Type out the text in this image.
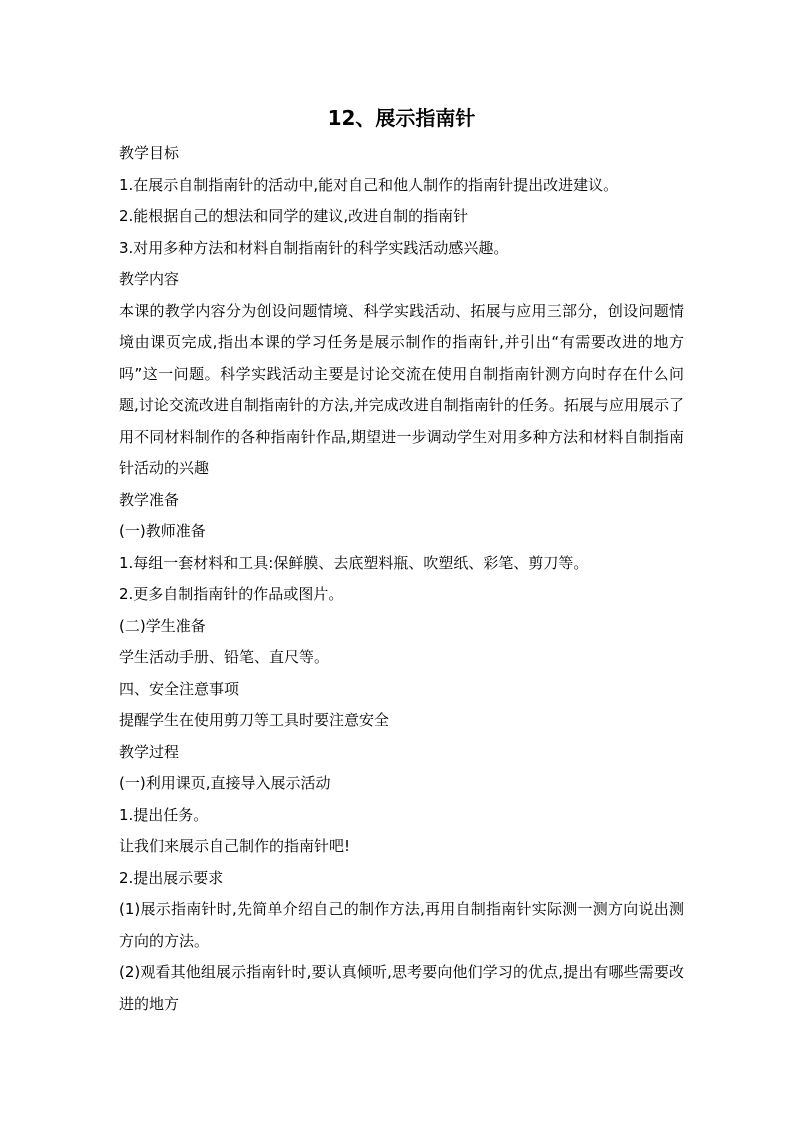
12、展示指南针

教学目标

1.在展示自制指南针的活动中,能对自己和他人制作的指南针提出改进建议。

2.能根据自己的想法和同学的建议,改进自制的指南针

3.对用多种方法和材料自制指南针的科学实践活动感兴趣。

教学内容

本课的教学内容分为创设问题情境、科学实践活动、拓展与应用三部分，创设问题情境由课页完成,指出本课的学习任务是展示制作的指南针,并引出“有需要改进的地方吗”这一问题。科学实践活动主要是讨论交流在使用自制指南针测方向时存在什么问题,讨论交流改进自制指南针的方法,并完成改进自制指南针的任务。拓展与应用展示了用不同材料制作的各种指南针作品,期望进一步调动学生对用多种方法和材料自制指南针活动的兴趣

教学准备

(一)教师准备

1.每组一套材料和工具:保鲜膜、去底塑料瓶、吹塑纸、彩笔、剪刀等。

2.更多自制指南针的作品或图片。

(二)学生准备

学生活动手册、铅笔、直尺等。

四、安全注意事项

提醒学生在使用剪刀等工具时要注意安全

教学过程

(一)利用课页,直接导入展示活动

1.提出任务。

让我们来展示自己制作的指南针吧!

2.提出展示要求

(1)展示指南针时,先简单介绍自己的制作方法,再用自制指南针实际测一测方向说出测方向的方法。

(2)观看其他组展示指南针时,要认真倾听,思考要向他们学习的优点,提出有哪些需要改进的地方
